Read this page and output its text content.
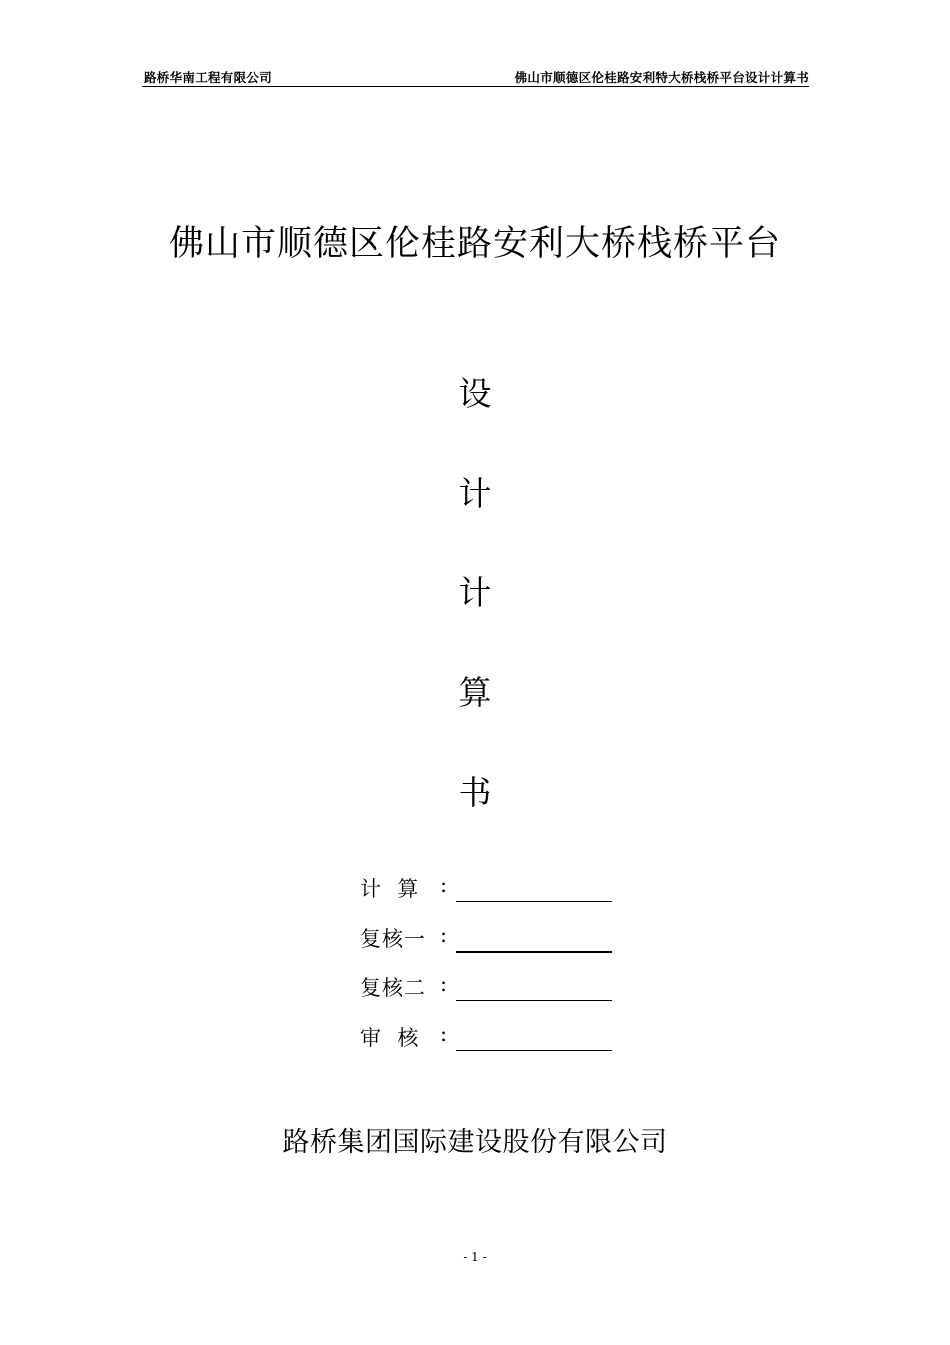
路桥华南工程有限公司	佛山市顺德区伦桂路安利特大桥栈桥平台设计计算书
佛山市顺德区伦桂路安利大桥栈桥平台
设
计
计
算
书
计  算 :
复核一 :
复核二 :
审  核 :
路桥集团国际建设股份有限公司
- 1 -
